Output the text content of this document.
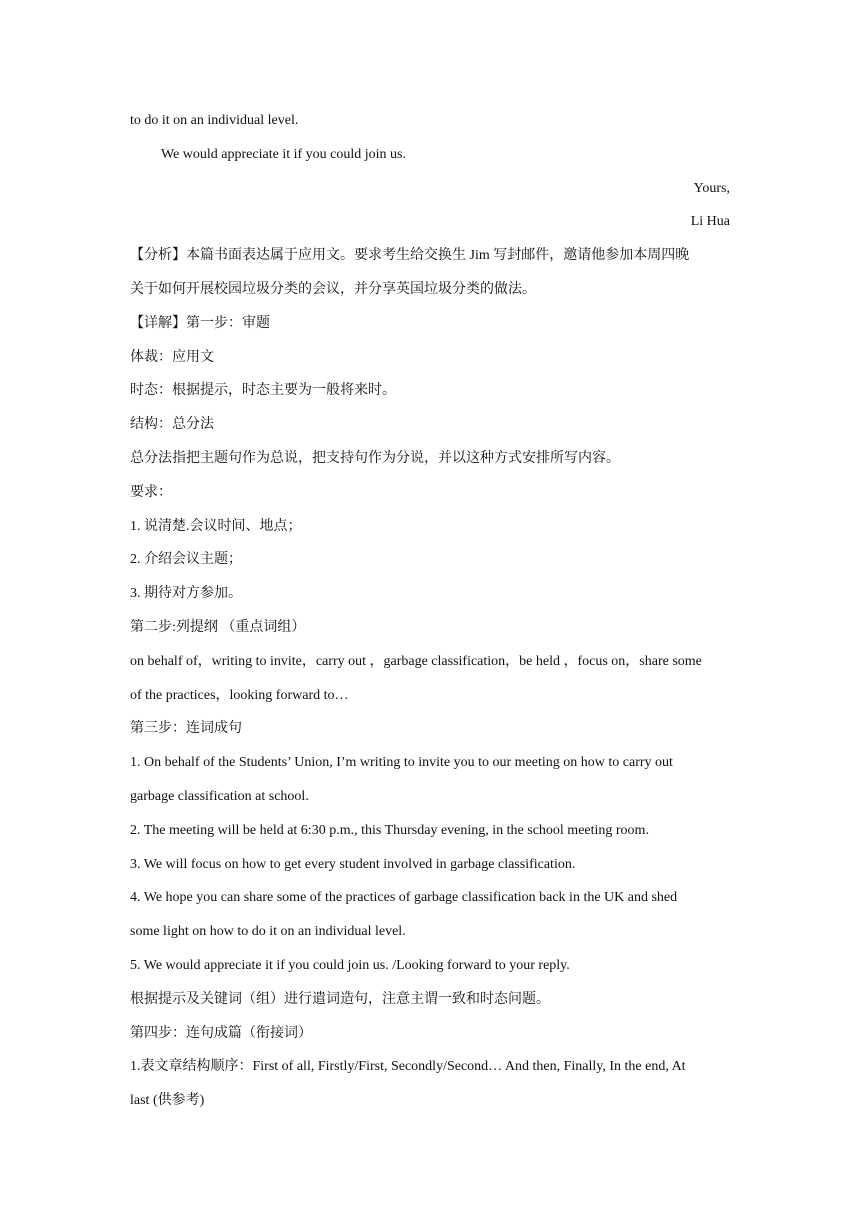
to do it on an individual level.

We would appreciate it if you could join us.

Yours,

Li Hua

【分析】本篇书面表达属于应用文。要求考生给交换生 Jim 写封邮件，邀请他参加本周四晚

关于如何开展校园垃圾分类的会议，并分享英国垃圾分类的做法。

【详解】第一步：审题

体裁：应用文

时态：根据提示，时态主要为一般将来时。

结构：总分法

总分法指把主题句作为总说，把支持句作为分说，并以这种方式安排所写内容。

要求：

1. 说清楚.会议时间、地点；

2. 介绍会议主题；

3. 期待对方参加。

第二步:列提纲 （重点词组）

on behalf of，writing to invite，carry out ，garbage classification，be held ，focus on，share some

of the practices，looking forward to…

第三步：连词成句

1. On behalf of the Students’ Union, I’m writing to invite you to our meeting on how to carry out

garbage classification at school.

2. The meeting will be held at 6:30 p.m., this Thursday evening, in the school meeting room.

3. We will focus on how to get every student involved in garbage classification.

4. We hope you can share some of the practices of garbage classification back in the UK and shed

some light on how to do it on an individual level.

5. We would appreciate it if you could join us. /Looking forward to your reply.

根据提示及关键词（组）进行遣词造句，注意主谓一致和时态问题。

第四步：连句成篇（衔接词）

1.表文章结构顺序：First of all, Firstly/First, Secondly/Second… And then, Finally, In the end, At

last (供参考)
